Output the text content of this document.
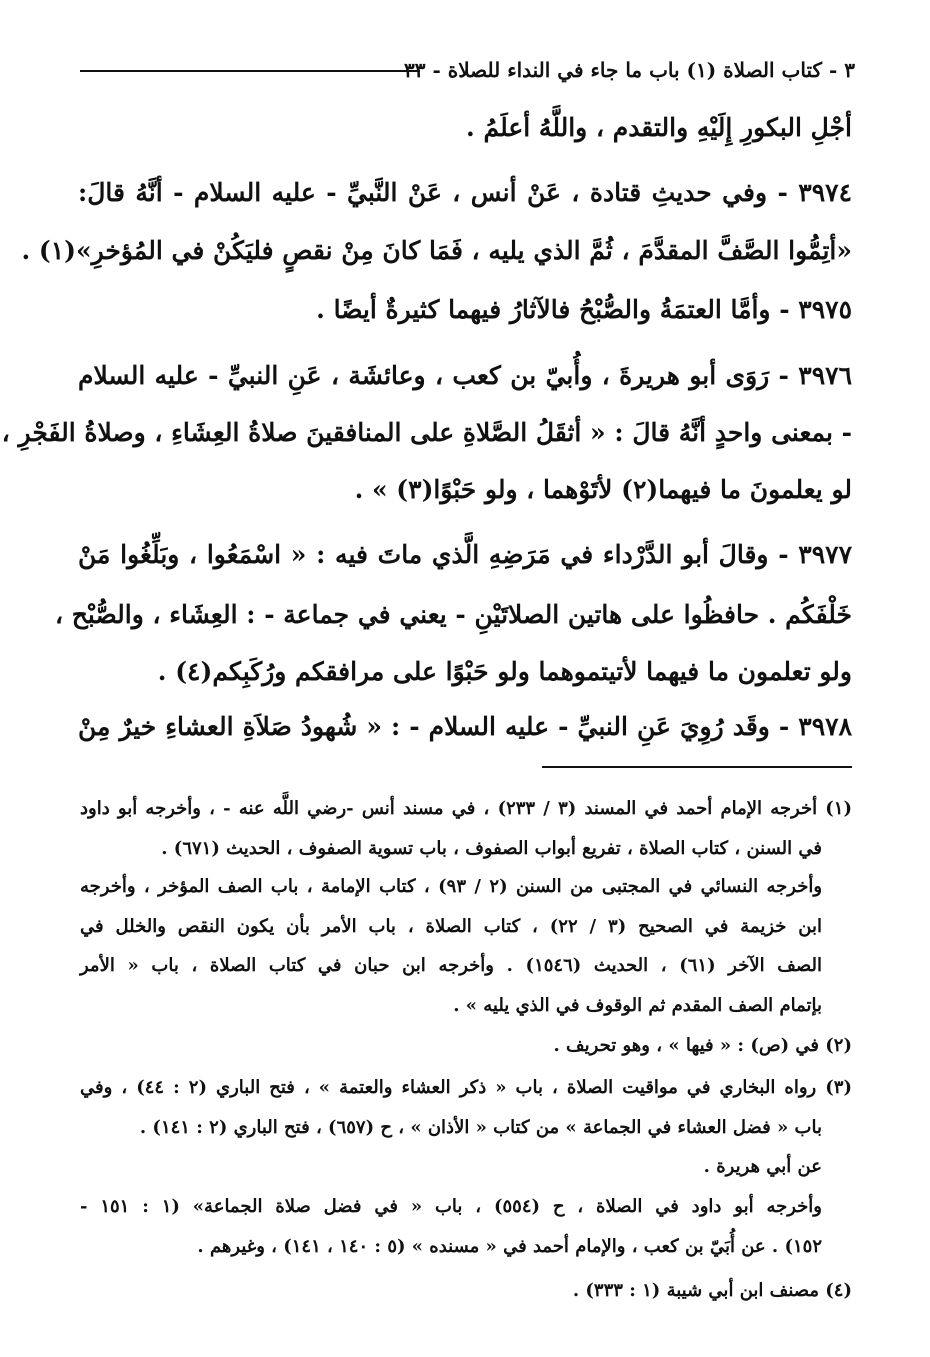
٣ - كتاب الصلاة (١) باب ما جاء في النداء للصلاة - ٣٣
أجْلِ البكورِ إِلَيْهِ والتقدم ، واللَّهُ أعلَمُ .
٣٩٧٤ - وفي حديثِ قتادة ، عَنْ أنس ، عَنْ النَّبيِّ - عليه السلام - أنَّهُ قالَ:
«أتِمُّوا الصَّفَّ المقدَّمَ ، ثُمَّ الذي يليه ، فَمَا كانَ مِنْ نقصٍ فليَكُنْ في المُؤخرِ»(١) .
٣٩٧٥ - وأمَّا العتمَةُ والصُّبْحُ فالآثارُ فيهما كثيرةٌ أيضًا .
٣٩٧٦ - رَوَى أبو هريرةَ ، وأُبيّ بن كعب ، وعائشَة ، عَنِ النبيِّ - عليه السلام
- بمعنى واحدٍ أنَّهُ قالَ : « أثقَلُ الصَّلاةِ على المنافقينَ صلاةُ العِشَاءِ ، وصلاةُ الفَجْرِ ،
لو يعلمونَ ما فيهما(٢) لأتَوْهما ، ولو حَبْوًا(٣) » .
٣٩٧٧ - وقالَ أبو الدَّرْداء في مَرَضِهِ الَّذي ماتَ فيه : « اسْمَعُوا ، وبَلِّغُوا مَنْ
خَلْفَكُم . حافظُوا على هاتين الصلاتَيْنِ - يعني في جماعة - : العِشَاء ، والصُّبْح ،
ولو تعلمون ما فيهما لأتيتموهما ولو حَبْوًا على مرافقكم ورُكَبِكم(٤) .
٣٩٧٨ - وقَد رُوِيَ عَنِ النبيِّ - عليه السلام - : « شُهودُ صَلاَةِ العشاءِ خيرٌ مِنْ
(١) أخرجه الإمام أحمد في المسند (٣ / ٢٣٣) ، في مسند أنس -رضي اللَّه عنه - ، وأخرجه أبو داود
في السنن ، كتاب الصلاة ، تفريع أبواب الصفوف ، باب تسوية الصفوف ، الحديث (٦٧١) .
وأخرجه النسائي في المجتبى من السنن (٢ / ٩٣) ، كتاب الإمامة ، باب الصف المؤخر ، وأخرجه
ابن خزيمة في الصحيح (٣ / ٢٢) ، كتاب الصلاة ، باب الأمر بأن يكون النقص والخلل في
الصف الآخر (٦١) ، الحديث (١٥٤٦) . وأخرجه ابن حبان في كتاب الصلاة ، باب « الأمر
بإتمام الصف المقدم ثم الوقوف في الذي يليه » .
(٢) في (ص) : « فيها » ، وهو تحريف .
(٣) رواه البخاري في مواقيت الصلاة ، باب « ذكر العشاء والعتمة » ، فتح الباري (٢ : ٤٤) ، وفي
باب « فضل العشاء في الجماعة » من كتاب « الأذان » ، ح (٦٥٧) ، فتح الباري (٢ : ١٤١) .
عن أبي هريرة .
وأخرجه أبو داود في الصلاة ، ح (٥٥٤) ، باب « في فضل صلاة الجماعة» (١ : ١٥١ -
١٥٢) . عن أُبَيّ بن كعب ، والإمام أحمد في « مسنده » (٥ : ١٤٠ ، ١٤١) ، وغيرهم .
(٤) مصنف ابن أبي شيبة (١ : ٣٣٣) .
